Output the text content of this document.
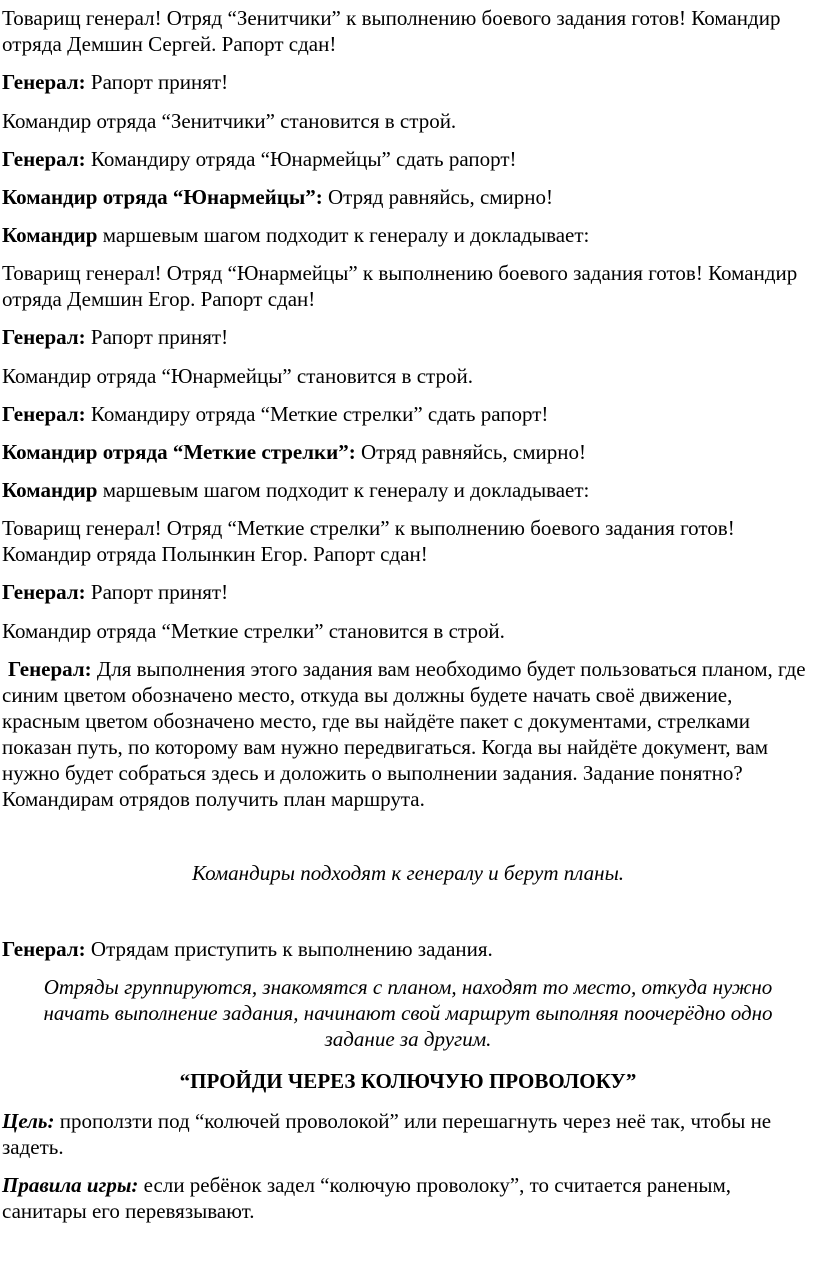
Товарищ генерал! Отряд “Зенитчики” к выполнению боевого задания готов! Командир отряда Демшин Сергей. Рапорт сдан!

Генерал: Рапорт принят!

Командир отряда “Зенитчики” становится в строй.

Генерал: Командиру отряда “Юнармейцы” сдать рапорт!

Командир отряда “Юнармейцы”: Отряд равняйсь, смирно!

Командир маршевым шагом подходит к генералу и докладывает:

Товарищ генерал! Отряд “Юнармейцы” к выполнению боевого задания готов! Командир отряда Демшин Егор. Рапорт сдан!

Генерал: Рапорт принят!

Командир отряда “Юнармейцы” становится в строй.

Генерал: Командиру отряда “Меткие стрелки” сдать рапорт!

Командир отряда “Меткие стрелки”: Отряд равняйсь, смирно!

Командир маршевым шагом подходит к генералу и докладывает:

Товарищ генерал! Отряд “Меткие стрелки” к выполнению боевого задания готов! Командир отряда Полынкин Егор. Рапорт сдан!

Генерал: Рапорт принят!

Командир отряда “Меткие стрелки” становится в строй.

Генерал: Для выполнения этого задания вам необходимо будет пользоваться планом, где синим цветом обозначено место, откуда вы должны будете начать своё движение, красным цветом обозначено место, где вы найдёте пакет с документами, стрелками показан путь, по которому вам нужно передвигаться. Когда вы найдёте документ, вам нужно будет собраться здесь и доложить о выполнении задания. Задание понятно? Командирам отрядов получить план маршрута.

Командиры подходят к генералу и берут планы.

Генерал: Отрядам приступить к выполнению задания.

Отряды группируются, знакомятся с планом, находят то место, откуда нужно начать выполнение задания, начинают свой маршрут выполняя поочерёдно одно задание за другим.

“ПРОЙДИ ЧЕРЕЗ КОЛЮЧУЮ ПРОВОЛОКУ”

Цель: проползти под “колючей проволокой” или перешагнуть через неё так, чтобы не задеть.

Правила игры: если ребёнок задел “колючую проволоку”, то считается раненым, санитары его перевязывают.
